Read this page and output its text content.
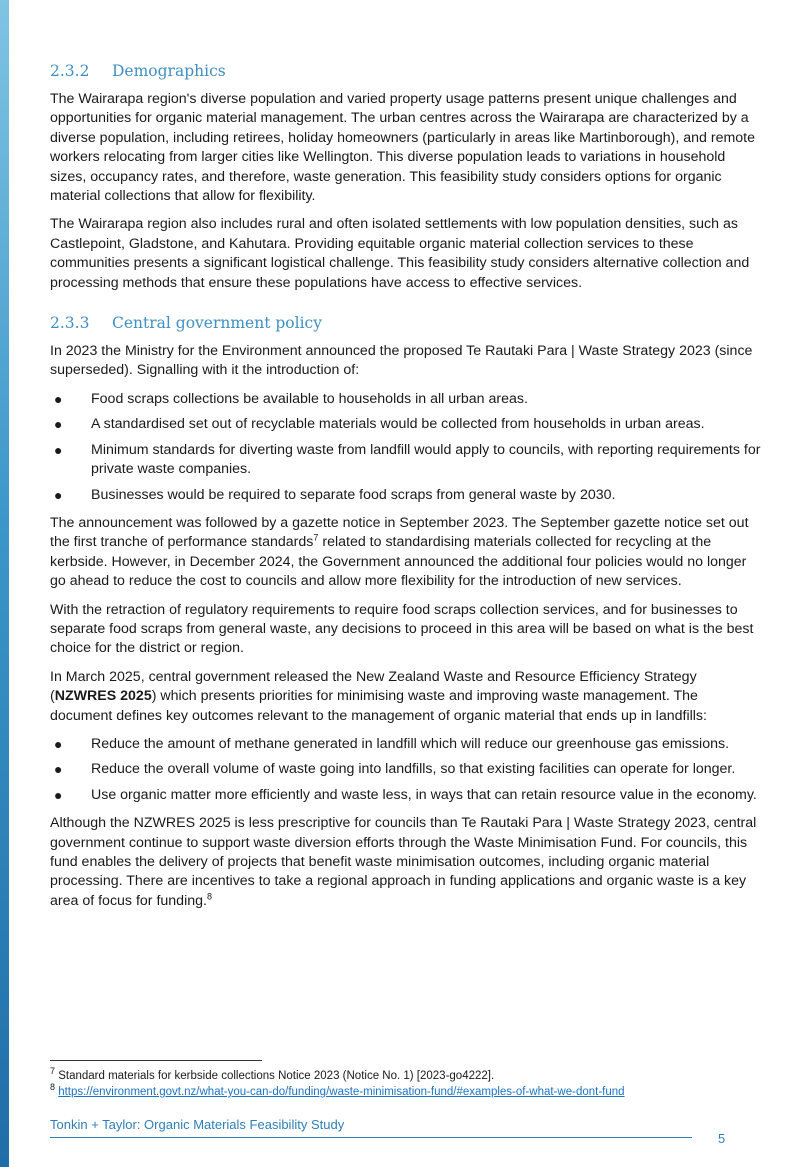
2.3.2	Demographics

The Wairarapa region's diverse population and varied property usage patterns present unique challenges and opportunities for organic material management. The urban centres across the Wairarapa are characterized by a diverse population, including retirees, holiday homeowners (particularly in areas like Martinborough), and remote workers relocating from larger cities like Wellington. This diverse population leads to variations in household sizes, occupancy rates, and therefore, waste generation. This feasibility study considers options for organic material collections that allow for flexibility.

The Wairarapa region also includes rural and often isolated settlements with low population densities, such as Castlepoint, Gladstone, and Kahutara. Providing equitable organic material collection services to these communities presents a significant logistical challenge. This feasibility study considers alternative collection and processing methods that ensure these populations have access to effective services.

2.3.3	Central government policy

In 2023 the Ministry for the Environment announced the proposed Te Rautaki Para | Waste Strategy 2023 (since superseded). Signalling with it the introduction of:

● Food scraps collections be available to households in all urban areas.
● A standardised set out of recyclable materials would be collected from households in urban areas.
● Minimum standards for diverting waste from landfill would apply to councils, with reporting requirements for private waste companies.
● Businesses would be required to separate food scraps from general waste by 2030.

The announcement was followed by a gazette notice in September 2023. The September gazette notice set out the first tranche of performance standards$^7$ related to standardising materials collected for recycling at the kerbside. However, in December 2024, the Government announced the additional four policies would no longer go ahead to reduce the cost to councils and allow more flexibility for the introduction of new services.

With the retraction of regulatory requirements to require food scraps collection services, and for businesses to separate food scraps from general waste, any decisions to proceed in this area will be based on what is the best choice for the district or region.

In March 2025, central government released the New Zealand Waste and Resource Efficiency Strategy (NZWRES 2025) which presents priorities for minimising waste and improving waste management. The document defines key outcomes relevant to the management of organic material that ends up in landfills:

● Reduce the amount of methane generated in landfill which will reduce our greenhouse gas emissions.
● Reduce the overall volume of waste going into landfills, so that existing facilities can operate for longer.
● Use organic matter more efficiently and waste less, in ways that can retain resource value in the economy.

Although the NZWRES 2025 is less prescriptive for councils than Te Rautaki Para | Waste Strategy 2023, central government continue to support waste diversion efforts through the Waste Minimisation Fund. For councils, this fund enables the delivery of projects that benefit waste minimisation outcomes, including organic material processing. There are incentives to take a regional approach in funding applications and organic waste is a key area of focus for funding.$^8$

$^7$ Standard materials for kerbside collections Notice 2023 (Notice No. 1) [2023-go4222].
$^8$ https://environment.govt.nz/what-you-can-do/funding/waste-minimisation-fund/#examples-of-what-we-dont-fund
Tonkin + Taylor: Organic Materials Feasibility Study
5
